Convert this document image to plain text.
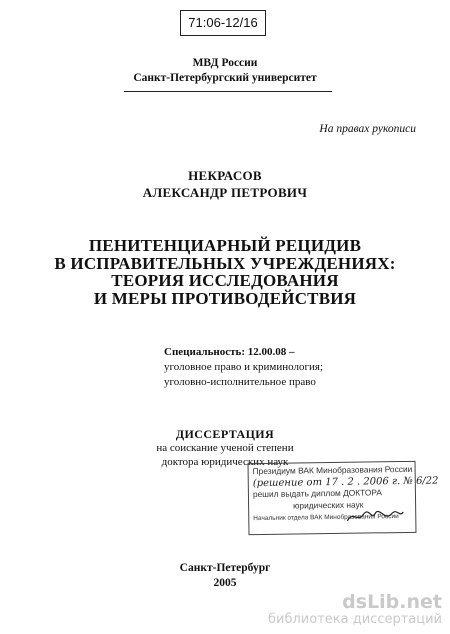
71:06-12/16
МВД России
Санкт-Петербургский университет
На правах рукописи
НЕКРАСОВ
АЛЕКСАНДР ПЕТРОВИЧ
ПЕНИТЕНЦИАРНЫЙ РЕЦИДИВ
В ИСПРАВИТЕЛЬНЫХ УЧРЕЖДЕНИЯХ:
ТЕОРИЯ ИССЛЕДОВАНИЯ
И МЕРЫ ПРОТИВОДЕЙСТВИЯ
Специальность: 12.00.08 –
уголовное право и криминология;
уголовно-исполнительное право
ДИССЕРТАЦИЯ
на соискание ученой степени
доктора юридических наук
Президиум ВАК Минобразования России
(решение от 17 . 2 . 2006 г. № 6/22
решил выдать диплом ДОКТОРА
юридических наук
Начальник отдела ВАК Минобразования России
Санкт-Петербург
2005
dsLib.net
библиотека диссертаций
